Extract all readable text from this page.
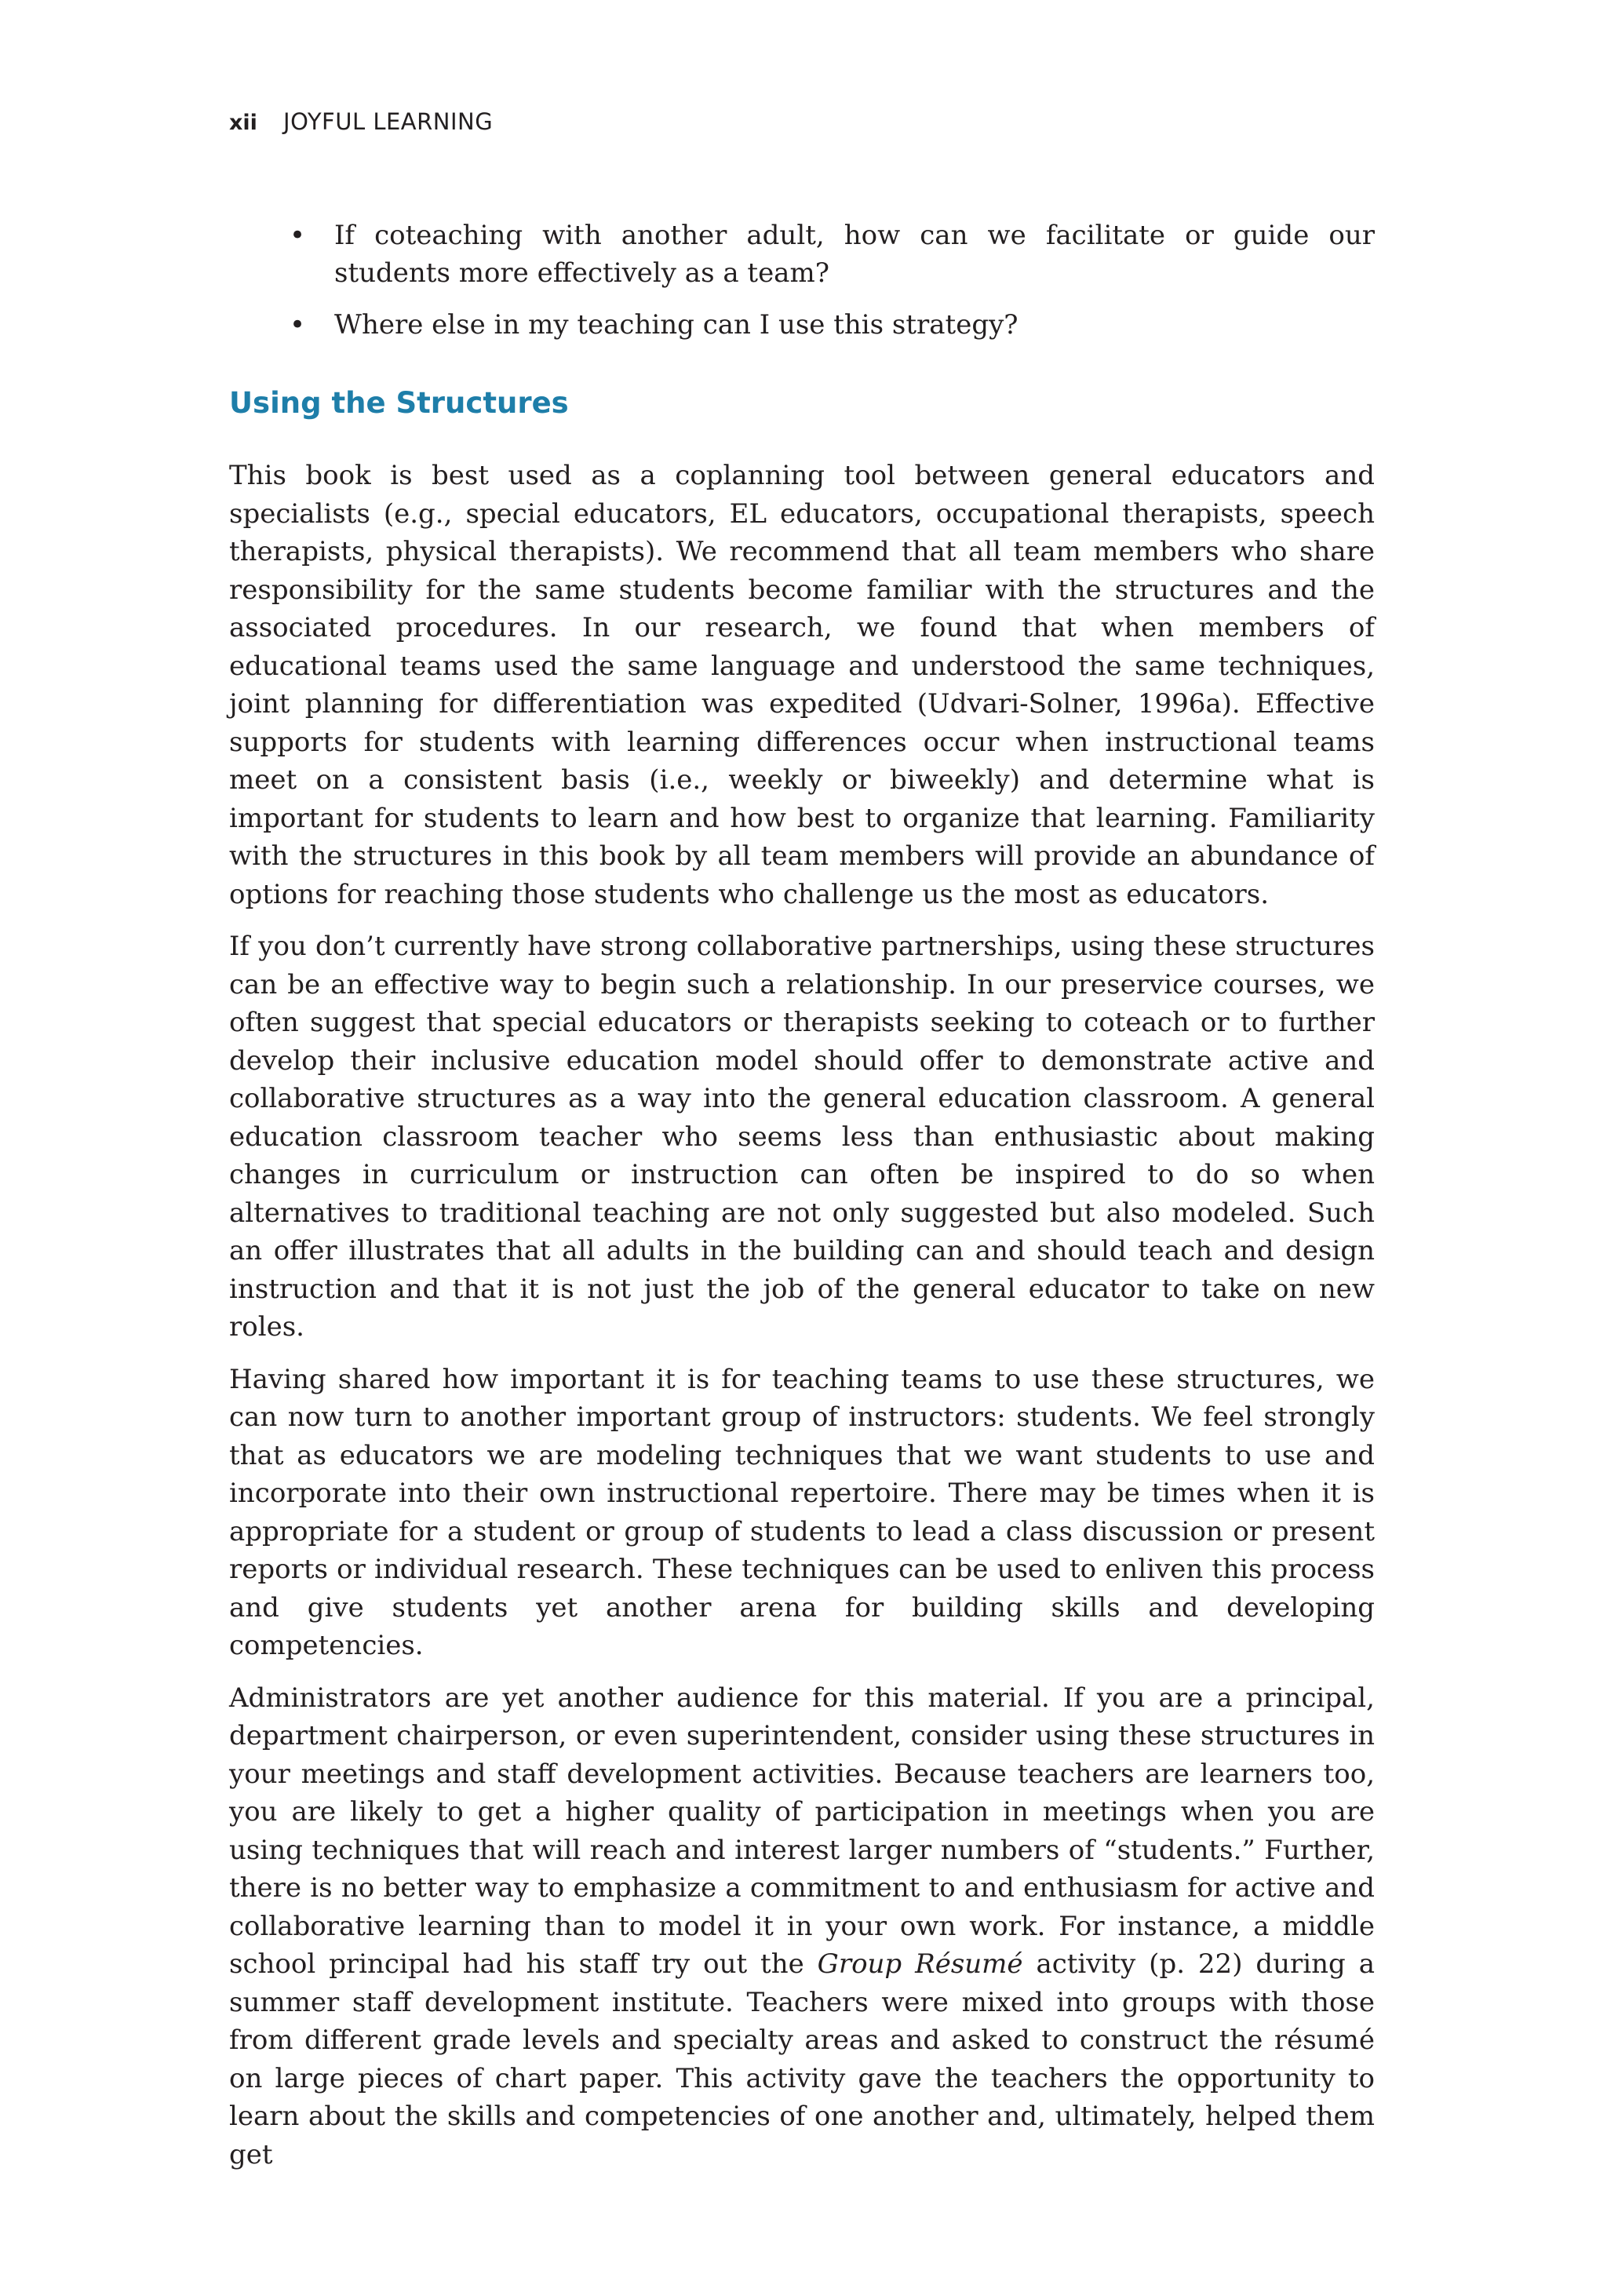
xii JOYFUL LEARNING
• If coteaching with another adult, how can we facilitate or guide our students more effectively as a team?
• Where else in my teaching can I use this strategy?
Using the Structures

This book is best used as a coplanning tool between general educators and specialists (e.g., special educators, EL educators, occupational therapists, speech therapists, physical therapists). We recommend that all team members who share responsibility for the same students become familiar with the structures and the associated procedures. In our research, we found that when members of educational teams used the same language and understood the same techniques, joint planning for differentiation was expedited (Udvari-Solner, 1996a). Effective supports for students with learning differences occur when instructional teams meet on a consistent basis (i.e., weekly or biweekly) and determine what is important for students to learn and how best to organize that learning. Familiarity with the structures in this book by all team members will provide an abundance of options for reaching those students who challenge us the most as educators.

If you don’t currently have strong collaborative partnerships, using these structures can be an effective way to begin such a relationship. In our preservice courses, we often suggest that special educators or therapists seeking to coteach or to further develop their inclusive education model should offer to demonstrate active and collaborative structures as a way into the general education classroom. A general education classroom teacher who seems less than enthusiastic about making changes in curriculum or instruction can often be inspired to do so when alternatives to traditional teaching are not only suggested but also modeled. Such an offer illustrates that all adults in the building can and should teach and design instruction and that it is not just the job of the general educator to take on new roles.

Having shared how important it is for teaching teams to use these structures, we can now turn to another important group of instructors: students. We feel strongly that as educators we are modeling techniques that we want students to use and incorporate into their own instructional repertoire. There may be times when it is appropriate for a student or group of students to lead a class discussion or present reports or individual research. These techniques can be used to enliven this process and give students yet another arena for building skills and developing competencies.

Administrators are yet another audience for this material. If you are a principal, department chairperson, or even superintendent, consider using these structures in your meetings and staff development activities. Because teachers are learners too, you are likely to get a higher quality of participation in meetings when you are using techniques that will reach and interest larger numbers of “students.” Further, there is no better way to emphasize a commitment to and enthusiasm for active and collaborative learning than to model it in your own work. For instance, a middle school principal had his staff try out the Group Résumé activity (p. 22) during a summer staff development institute. Teachers were mixed into groups with those from different grade levels and specialty areas and asked to construct the résumé on large pieces of chart paper. This activity gave the teachers the opportunity to learn about the skills and competencies of one another and, ultimately, helped them get
